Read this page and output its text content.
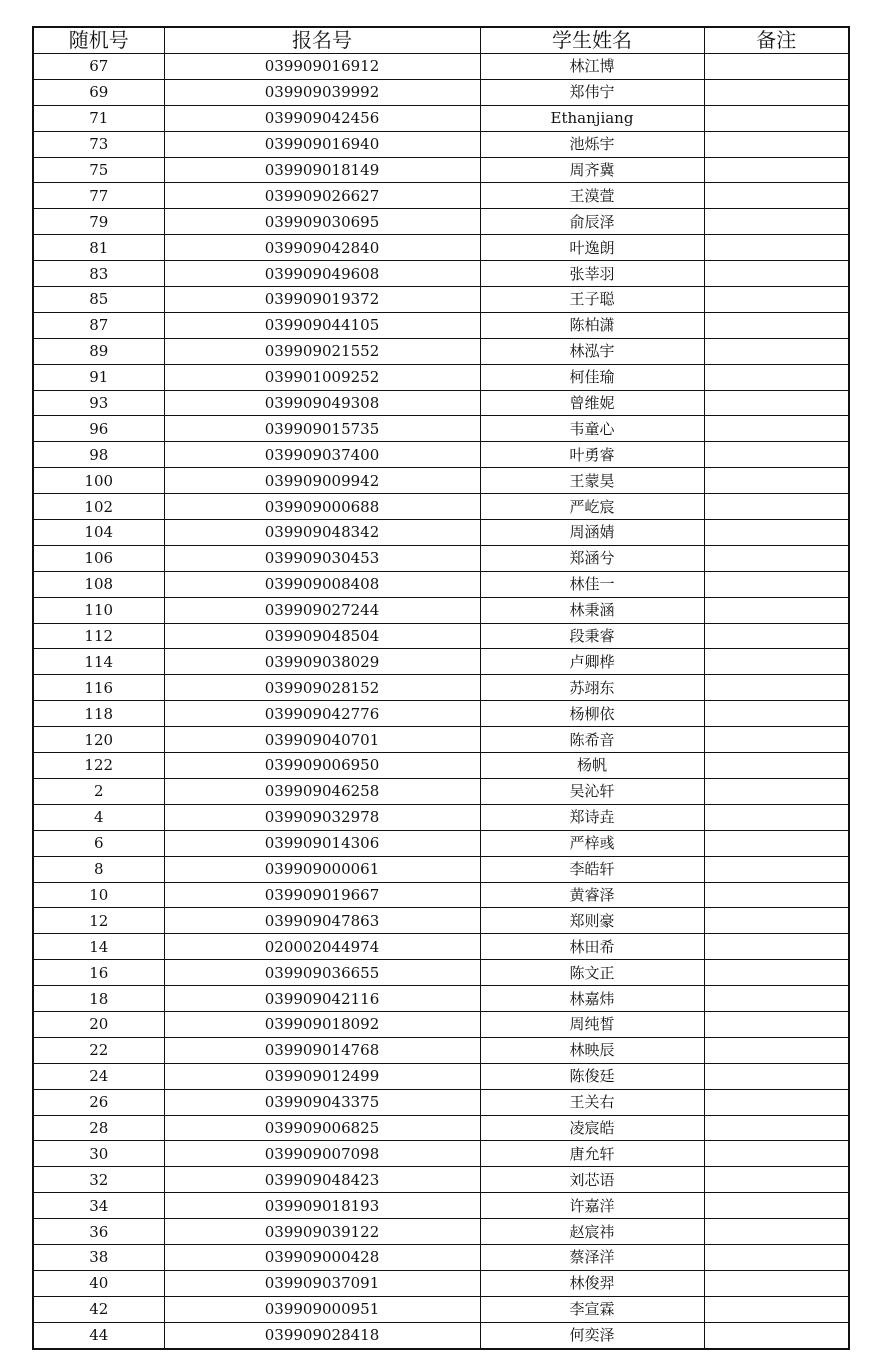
随机号	报名号	学生姓名	备注
67	039909016912	林江博	
69	039909039992	郑伟宁	
71	039909042456	Ethanjiang	
73	039909016940	池烁宇	
75	039909018149	周齐冀	
77	039909026627	王漠萱	
79	039909030695	俞辰泽	
81	039909042840	叶逸朗	
83	039909049608	张莘羽	
85	039909019372	王子聪	
87	039909044105	陈柏潇	
89	039909021552	林泓宇	
91	039901009252	柯佳瑜	
93	039909049308	曾维妮	
96	039909015735	韦童心	
98	039909037400	叶勇睿	
100	039909009942	王蒙昊	
102	039909000688	严屹宸	
104	039909048342	周涵婧	
106	039909030453	郑涵兮	
108	039909008408	林佳一	
110	039909027244	林秉涵	
112	039909048504	段秉睿	
114	039909038029	卢卿桦	
116	039909028152	苏翊东	
118	039909042776	杨柳依	
120	039909040701	陈希音	
122	039909006950	杨帆	
2	039909046258	吴沁轩	
4	039909032978	郑诗垚	
6	039909014306	严梓彧	
8	039909000061	李皓轩	
10	039909019667	黄睿泽	
12	039909047863	郑则豪	
14	020002044974	林田希	
16	039909036655	陈文正	
18	039909042116	林嘉炜	
20	039909018092	周纯皙	
22	039909014768	林映辰	
24	039909012499	陈俊廷	
26	039909043375	王关右	
28	039909006825	凌宸皓	
30	039909007098	唐允轩	
32	039909048423	刘芯语	
34	039909018193	许嘉洋	
36	039909039122	赵宸祎	
38	039909000428	蔡泽洋	
40	039909037091	林俊羿	
42	039909000951	李宣霖	
44	039909028418	何奕泽	
